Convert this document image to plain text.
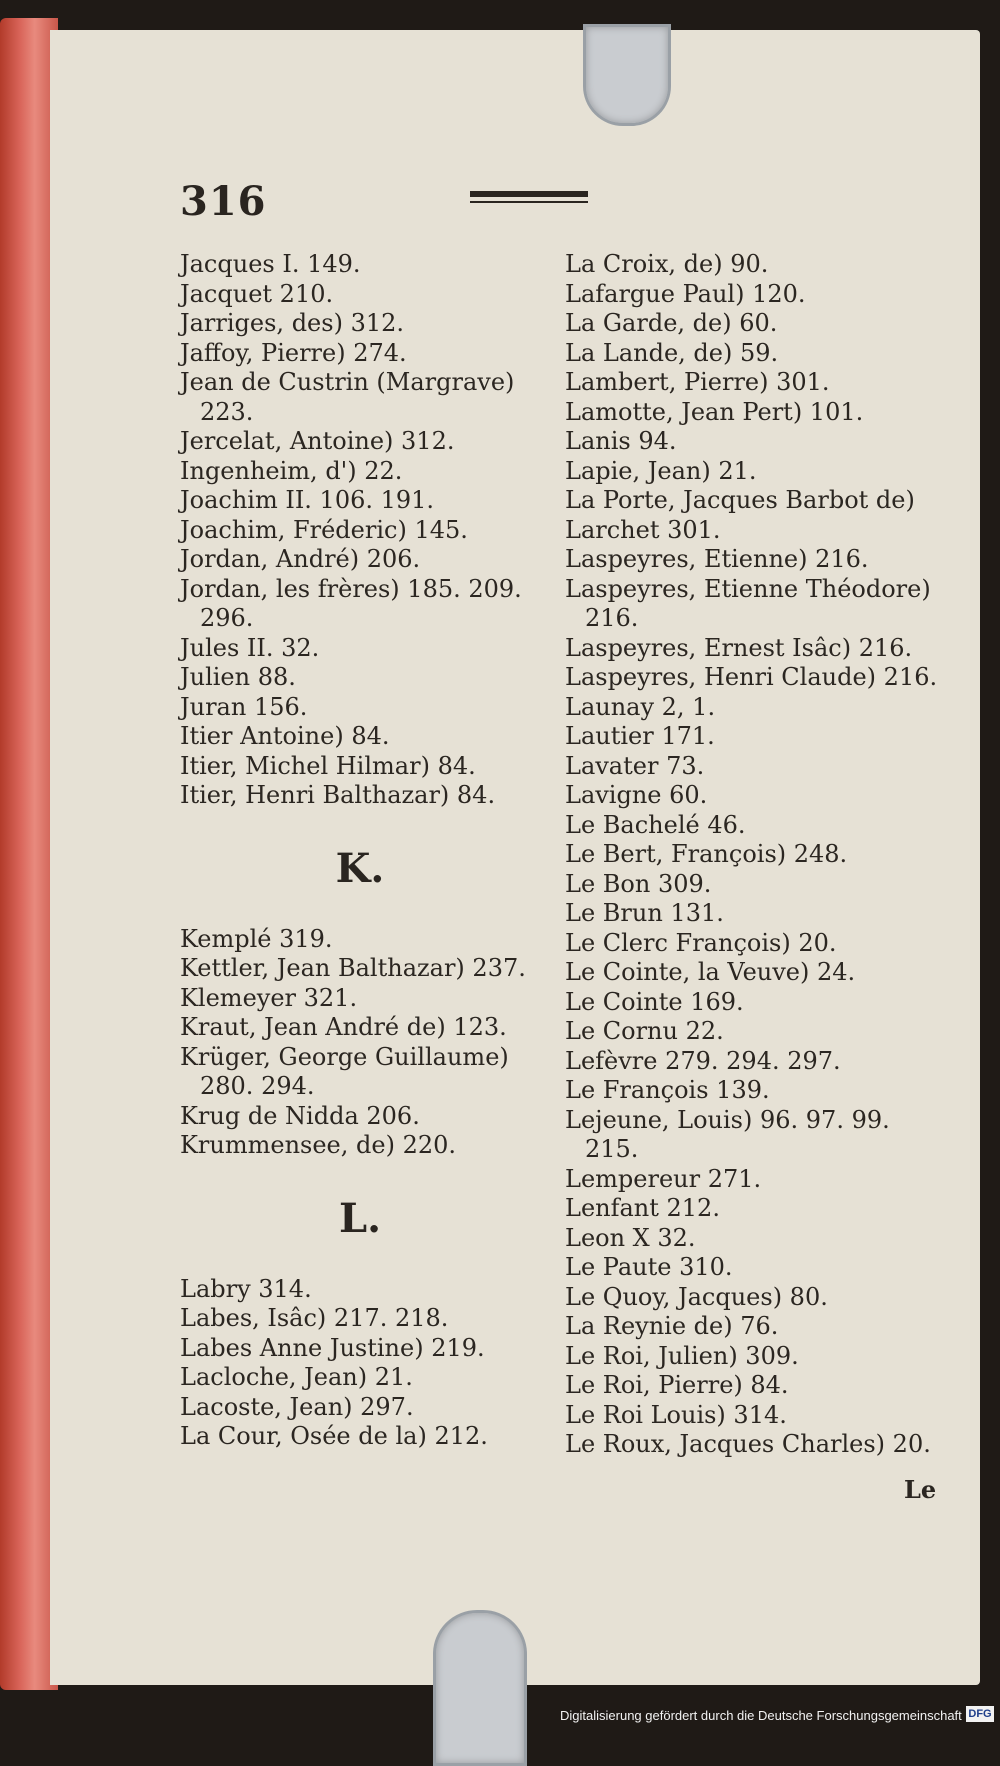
316
Jacques I. 149.
Jacquet 210.
Jarriges, des) 312.
Jaffoy, Pierre) 274.
Jean de Custrin (Margrave)
223.
Jercelat, Antoine) 312.
Ingenheim, d') 22.
Joachim II. 106. 191.
Joachim, Fréderic) 145.
Jordan, André) 206.
Jordan, les frères) 185. 209.
296.
Jules II. 32.
Julien 88.
Juran 156.
Itier Antoine) 84.
Itier, Michel Hilmar) 84.
Itier, Henri Balthazar) 84.
K.
Kemplé 319.
Kettler, Jean Balthazar) 237.
Klemeyer 321.
Kraut, Jean André de) 123.
Krüger, George Guillaume)
280. 294.
Krug de Nidda 206.
Krummensee, de) 220.
L.
Labry 314.
Labes, Isâc) 217. 218.
Labes Anne Justine) 219.
Lacloche, Jean) 21.
Lacoste, Jean) 297.
La Cour, Osée de la) 212.
La Croix, de) 90.
Lafargue Paul) 120.
La Garde, de) 60.
La Lande, de) 59.
Lambert, Pierre) 301.
Lamotte, Jean Pert) 101.
Lanis 94.
Lapie, Jean) 21.
La Porte, Jacques Barbot de)
Larchet 301.
Laspeyres, Etienne) 216.
Laspeyres, Etienne Théodore)
216.
Laspeyres, Ernest Isâc) 216.
Laspeyres, Henri Claude) 216.
Launay 2, 1.
Lautier 171.
Lavater 73.
Lavigne 60.
Le Bachelé 46.
Le Bert, François) 248.
Le Bon 309.
Le Brun 131.
Le Clerc François) 20.
Le Cointe, la Veuve) 24.
Le Cointe 169.
Le Cornu 22.
Lefèvre 279. 294. 297.
Le François 139.
Lejeune, Louis) 96. 97. 99.
215.
Lempereur 271.
Lenfant 212.
Leon X 32.
Le Paute 310.
Le Quoy, Jacques) 80.
La Reynie de) 76.
Le Roi, Julien) 309.
Le Roi, Pierre) 84.
Le Roi Louis) 314.
Le Roux, Jacques Charles) 20.
Le
Digitalisierung gefördert durch die Deutsche Forschungsgemeinschaft DFG
